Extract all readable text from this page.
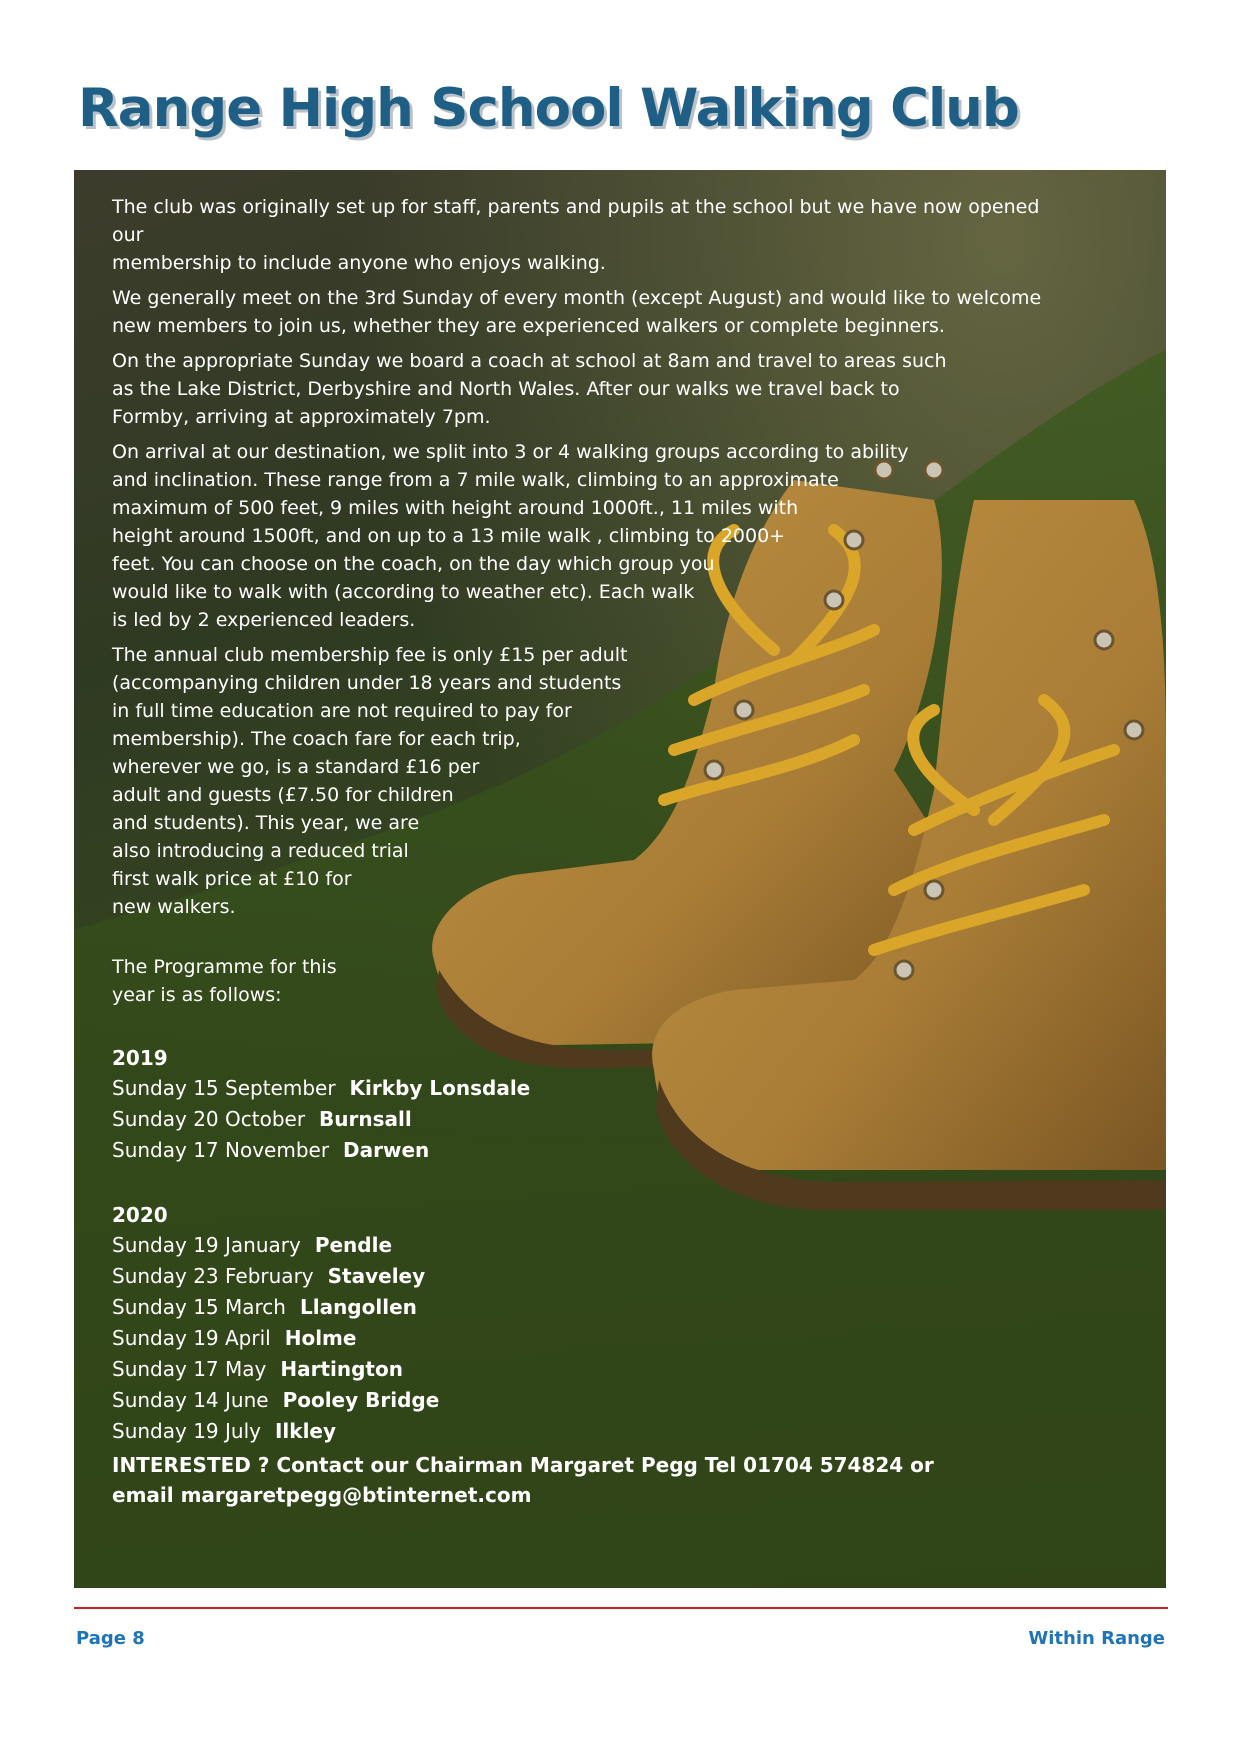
Range High School Walking Club

The club was originally set up for staff, parents and pupils at the school but we have now opened our
membership to include anyone who enjoys walking.

We generally meet on the 3rd Sunday of every month (except August) and would like to welcome
new members to join us, whether they are experienced walkers or complete beginners.

On the appropriate Sunday we board a coach at school at 8am and travel to areas such
as the Lake District, Derbyshire and North Wales. After our walks we travel back to
Formby, arriving at approximately 7pm.

On arrival at our destination, we split into 3 or 4 walking groups according to ability
and inclination. These range from a 7 mile walk, climbing to an approximate
maximum of 500 feet, 9 miles with height around 1000ft., 11 miles with
height around 1500ft, and on up to a 13 mile walk , climbing to 2000+
feet. You can choose on the coach, on the day which group you
would like to walk with (according to weather etc). Each walk
is led by 2 experienced leaders.

The annual club membership fee is only £15 per adult
(accompanying children under 18 years and students
in full time education are not required to pay for
membership). The coach fare for each trip,
wherever we go, is a standard £16 per
adult and guests (£7.50 for children
and students). This year, we are
also introducing a reduced trial
first walk price at £10 for
new walkers.

The Programme for this
year is as follows:
2019
Sunday 15 September Kirkby Lonsdale
Sunday 20 October Burnsall
Sunday 17 November Darwen
2020
Sunday 19 January Pendle
Sunday 23 February Staveley
Sunday 15 March Llangollen
Sunday 19 April Holme
Sunday 17 May Hartington
Sunday 14 June Pooley Bridge
Sunday 19 July Ilkley
INTERESTED ? Contact our Chairman Margaret Pegg Tel 01704 574824 or
email margaretpegg@btinternet.com
Page 8	Within Range
